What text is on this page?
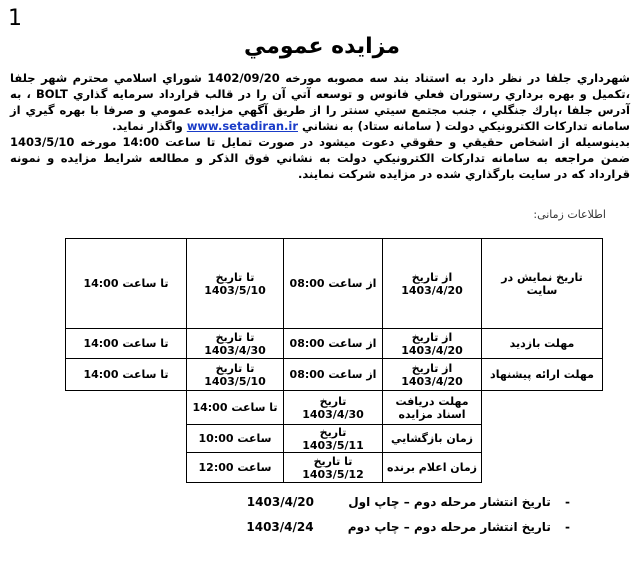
1
مزايده عمومي

شهرداري جلفا در نظر دارد به استناد بند سه مصوبه مورخه 1402/09/20 شوراي اسلامي محترم شهر جلفا ،تكميل و بهره برداري رستوران فعلي فانوس و توسعه آتي آن را در قالب قرارداد سرمايه گذاري BOLT ، به آدرس جلفا ،پارك جنگلي ، جنب مجتمع سيتي سنتر را از طريق آگهي مزايده عمومي و صرفا با بهره گيري از سامانه تداركات الكترونيكي دولت ( سامانه ستاد) به نشاني www.setadiran.ir واگذار نمايد.

بدينوسيله از اشخاص حقيقي و حقوقي دعوت ميشود در صورت تمايل تا ساعت 14:00 مورخه 1403/5/10 ضمن مراجعه به سامانه تداركات الكترونيكي دولت به نشاني فوق الذكر و مطالعه شرايط مزايده و نمونه قرارداد كه در سايت بارگذاري شده در مزايده شركت نمايند.

اطلاعات زمانی:
تاريخ نمايش در سايت	از تاريخ 1403/4/20	از ساعت 08:00	تا تاريخ 1403/5/10	تا ساعت 14:00
مهلت بازديد	از تاريخ 1403/4/20	از ساعت 08:00	تا تاريخ 1403/4/30	تا ساعت 14:00
مهلت ارائه پيشنهاد	از تاريخ 1403/4/20	از ساعت 08:00	تا تاريخ 1403/5/10	تا ساعت 14:00
	مهلت دريافت اسناد مزايده	تاريخ 1403/4/30	تا ساعت 14:00	
	زمان بازگشايي	تاريخ 1403/5/11	ساعت 10:00	
	زمان اعلام برنده	تا تاريخ 1403/5/12	ساعت 12:00	
- تاريخ انتشار مرحله دوم – چاپ اول 1403/4/20
- تاريخ انتشار مرحله دوم – چاپ دوم 1403/4/24
